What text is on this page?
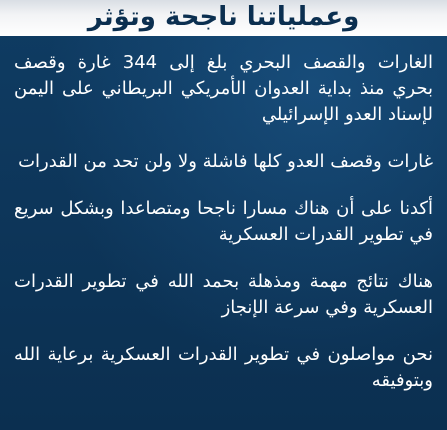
وعملياتنا ناجحة وتؤثر

الغارات والقصف البحري بلغ إلى 344 غارة وقصف بحري منذ بداية العدوان الأمريكي البريطاني على اليمن لإسناد العدو الإسرائيلي

غارات وقصف العدو كلها فاشلة ولا ولن تحد من القدرات

أكدنا على أن هناك مسارا ناجحا ومتصاعدا وبشكل سريع في تطوير القدرات العسكرية

هناك نتائج مهمة ومذهلة بحمد الله في تطوير القدرات العسكرية وفي سرعة الإنجاز

نحن مواصلون في تطوير القدرات العسكرية برعاية الله وبتوفيقه
